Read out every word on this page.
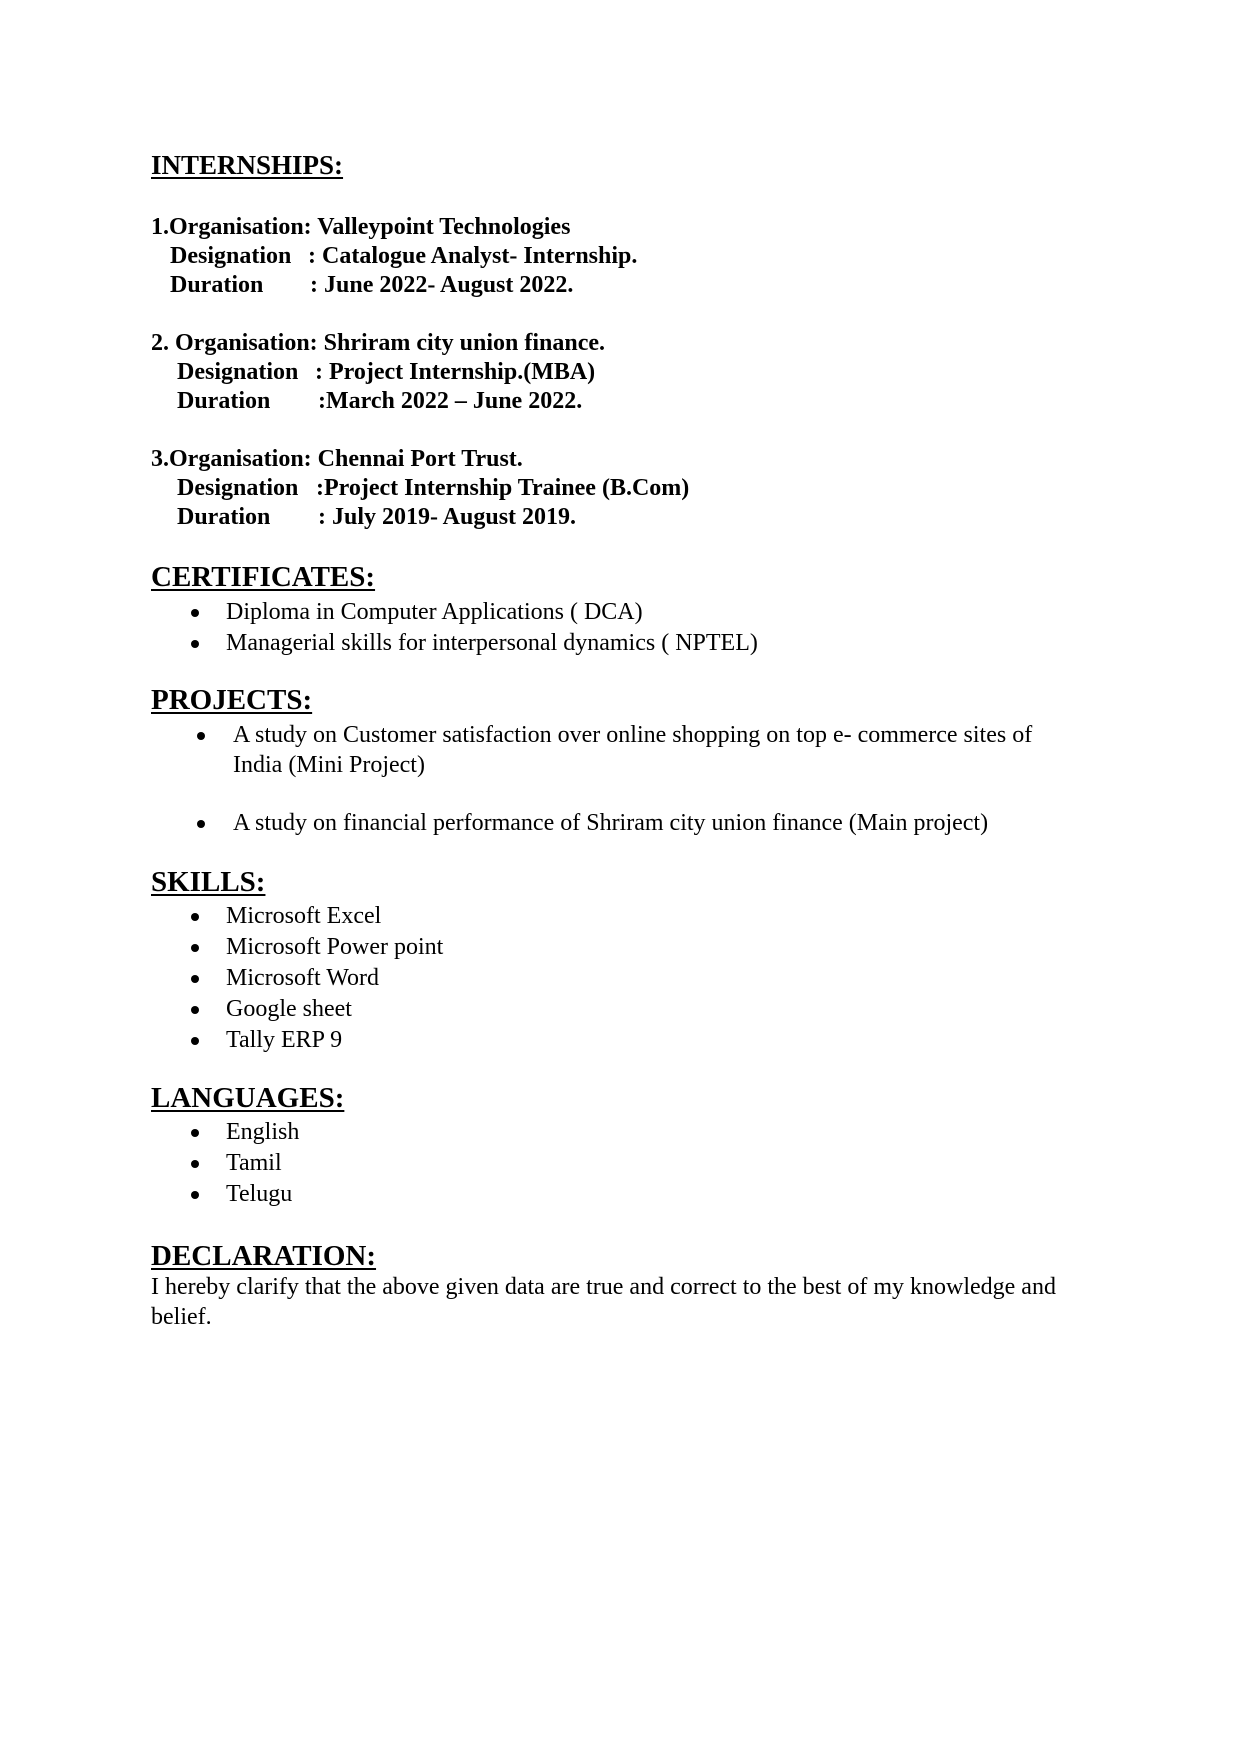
INTERNSHIPS:
1.Organisation: Valleypoint Technologies
Designation : Catalogue Analyst- Internship.
Duration : June 2022- August 2022.
2. Organisation: Shriram city union finance.
Designation : Project Internship.(MBA)
Duration :March 2022 – June 2022.
3.Organisation: Chennai Port Trust.
Designation :Project Internship Trainee (B.Com)
Duration : July 2019- August 2019.
CERTIFICATES:
Diploma in Computer Applications ( DCA)
Managerial skills for interpersonal dynamics ( NPTEL)
PROJECTS:
A study on Customer satisfaction over online shopping on top e- commerce sites of
India (Mini Project)
A study on financial performance of Shriram city union finance (Main project)
SKILLS:
Microsoft Excel
Microsoft Power point
Microsoft Word
Google sheet
Tally ERP 9
LANGUAGES:
English
Tamil
Telugu
DECLARATION:
I hereby clarify that the above given data are true and correct to the best of my knowledge and belief.
